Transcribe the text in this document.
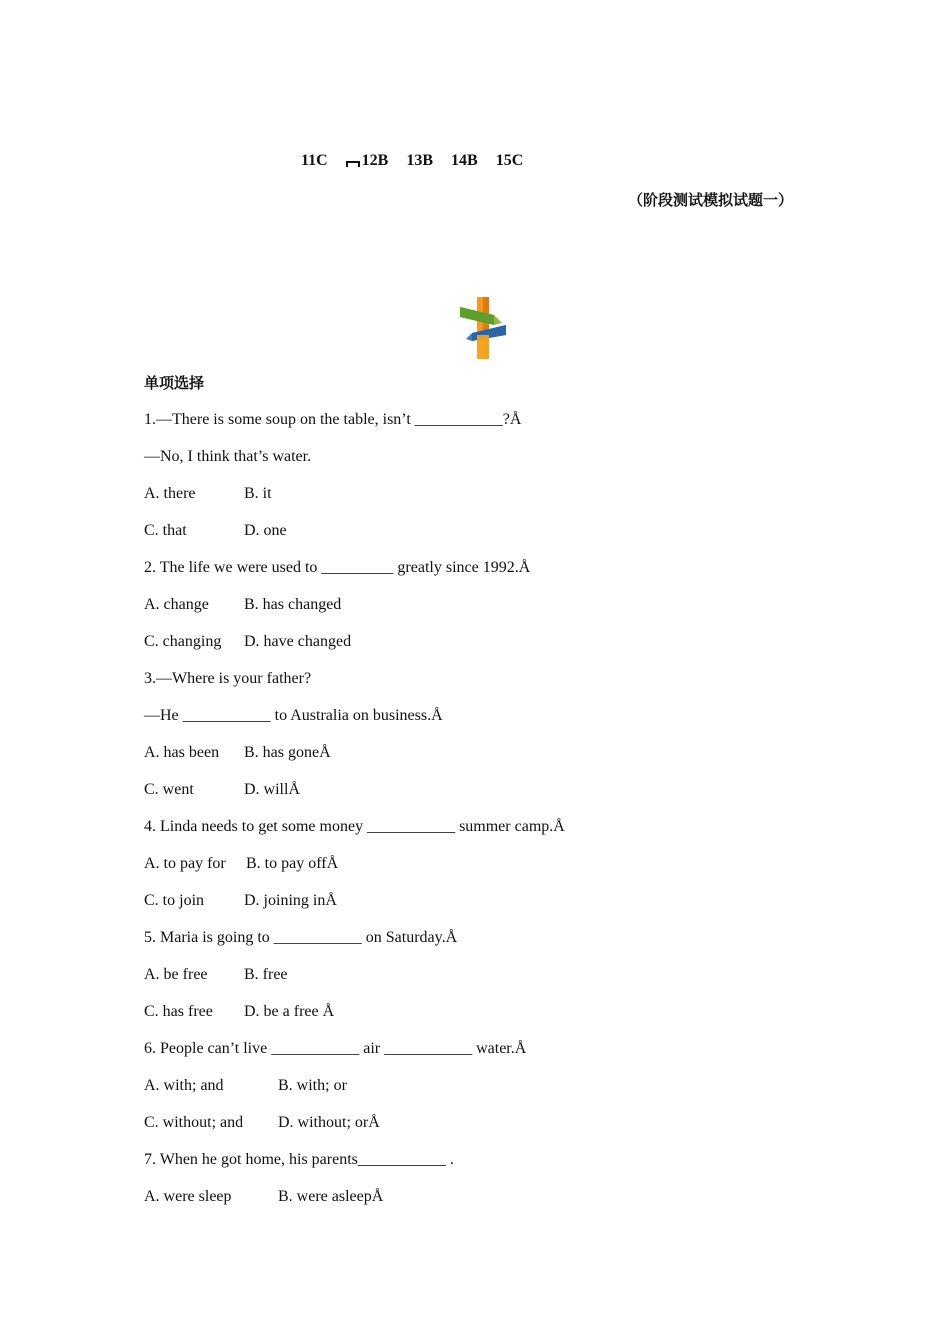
11C 12B 13B 14B 15C
（阶段测试模拟试题一）
单项选择
1.—There is some soup on the table, isn’t ___________?Å
—No, I think that’s water.
A. there	B. it
C. that	D. one
2. The life we were used to _________ greatly since 1992.Å
A. change B. has changed
C. changing D. have changed
3.—Where is your father?
—He ___________ to Australia on business.Å
A. has been B. has goneÅ
C. went	D. willÅ
4. Linda needs to get some money ___________ summer camp.Å
A. to pay for B. to pay offÅ
C. to join D. joining inÅ
5. Maria is going to ___________ on Saturday.Å
A. be free B. free
C. has free D. be a free Å
6. People can’t live ___________ air ___________ water.Å
A. with; and	B. with; or
C. without; and D. without; orÅ
7. When he got home, his parents___________ .
A. were sleep	B. were asleepÅ
